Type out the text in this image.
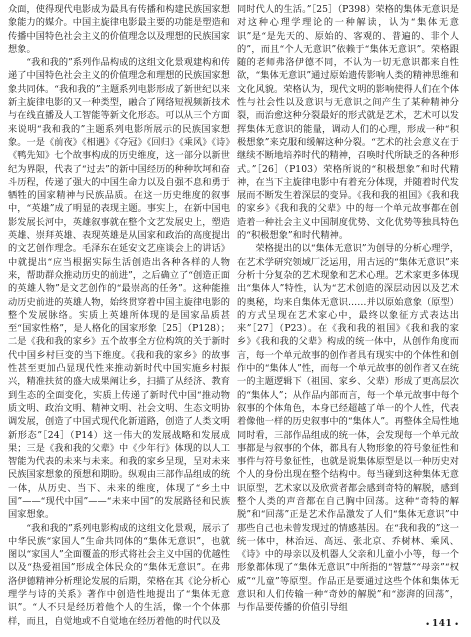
众面，使得现代电影成为最具有传播和构建民族国家想象能力的媒介。中国主旋律电影最主要的功能是塑造和传播中国特色社会主义的价值理念以及理想的民族国家想象。

“我和我的”系列作品构成的这组文化景观建构和传递了中国特色社会主义的价值理念和理想的民族国家想象共同体。“我和我的”主题系列电影形成了新世纪以来新主旋律电影的又一种类型，融合了网络短视频新技术与在线直播及人工智能等新文化形态。可以从三个方面来说明“我和我的”主题系列电影所展示的民族国家想象。一是《前夜》《相遇》《夺冠》《回归》《乘风》《诗》《鸭先知》七个故事构成的历史维度，这一部分以新世纪为界限，代表了“过去”的新中国经历的种种坎坷和奋斗历程，传递了强大的中国生命力以及自强不息和勇于牺牲的国家精神与民族品质。在这一历史维度的叙事中，“英雄”成了明显的表现主题。事实上，在新中国电影发展长河中，英雄叙事就在整个文艺发展史上，塑造英雄、崇拜英雄、表现英雄是从国家和政治的高度提出的文艺创作理念。毛泽东在延安文艺座谈会上的讲话》中就提出“应当根据实际生活创造出各种各样的人物来，帮助群众推动历史的前进”，之后确立了“创造正面的英雄人物”是文艺创作的“最崇高的任务”。这种能推动历史前进的英雄人物，始终贯穿着中国主旋律电影的整个发展脉络。实质上英雄所体现的是国家品质甚至“国家性格”，是人格化的国家形象［25］（P128）；二是《我和我的家乡》五个故事全方位构筑的关于新时代中国乡村巨变的当下维度。《我和我的家乡》的故事性甚至更加凸显现代性来推动新时代中国实施乡村振兴，精准扶贫的盛大成果阐让乡，扫描了从经济、教育到生态的全面变化，实质上传递了新时代中国“推动物质文明、政治文明、精神文明、社会文明、生态文明协调发展，创造了中国式现代化新道路，创造了人类文明新形态”［24］（P14）这一伟大的发展战略和发展成果；三是《我和我的父辈》中《少年行》体现的以人工智能为代表的未来与未来。和我的家乡呈现，呈对未来民族国家想象的预想和期盼。纵观由三部作品组成的统一体，从历史、当下、未来的维度，体现了“乡土中国”——“现代中国”——“未来中国”的发展路径和民族国家想象。

“我和我的”系列电影构成的这组文化景观，展示了中华民族“家国人”生命共同体的“集体无意识”，也就图以“家国人”全面覆盖的形式将社会主义中国的优越性以及“热爱祖国”形成全体民众的“集体无意识”。在弗洛伊德精神分析理论发展的后期，荣格在其《论分析心理学与诗的关系》著作中创造性地提出了“集体无意识”。“人不只是经历着他个人的生活，像一个个体那样，而且，自觉地或不自觉地在经历着他的时代以及

同时代人的生活。”［25］（P398）荣格的集体无意识是对这种心理学理论的一种解读，认为“集体无意识”是“是先天的、原始的、客观的、普遍的、非个人的”，而且“个人无意识”依赖于“集体无意识”。荣格跟随的老师弗洛伊德不同，不认为一切无意识都来自性欲，“集体无意识”通过原始遗传影响人类的精神思维和文化风貌。荣格认为，现代文明的影响使得人们在个体性与社会性以及意识与无意识之间产生了某种精神分裂，而治愈这种分裂最好的形式就是艺术，艺术可以发挥集体无意识的能量，调动人们的心理，形成一种“积极想象”来克服和缓解这种分裂。“艺术的社会意义在于继续不断地培养时代的精神，召唤时代所缺乏的各种形式。”［26］（P103）荣格所说的“积极想象”和时代精神，在当下主旋律电影中有着充分体现，并随着时代发展而不断发生着深层的变异。《我和我的祖国》《我和我的家乡》《我和我的父辈》中的每一个单元故事都在创造着一种社会主义中国制度优势、文化优势等独具特色的“积极想象”和时代精神。

荣格提出的以“集体无意识”为创导的分析心理学，在艺术学研究领域厂泛运用，用古远的“集体无意识”来分析十分复杂的艺术现象和艺术心理。艺术家更多体现出“集体人”特性，认为“艺术创造的深层动因以及艺术的奥秘，均来自集体无意识……并以原始意象（原型）的方式呈现在艺术家心中，最终以象征方式表达出来”［27］（P23）。在《我和我的祖国》《我和我的家乡》《我和我的父辈》构成的统一体中，从创作角度而言，每一个单元故事的创作者具有现实中的个体性和创作中的“集体人”性，而每一个单元故事的创作者又在统一的主题逻辑下（祖国、家乡、父辈）形成了更高层次的“集体人”；从作品内部而言，每一个单元故事中每个叙事的个体角色，本身已经超越了单一的个人性，代表着像他一样的历史叙事中的“集体人”。再整体全局性地同时看，三部作品组成的统一体，会发现每一个单元故事都是与叙事的个体，都具有人物形象的符号象征性和事件与符号象征性，也就是说集体原型是以一种历史对个人的身份出现在整个结构中。每当碰到这种集体无意识原型，艺术家以及欣赏者都会感到奇特的解脱，感到整个人类的声音都在自己胸中回荡。这种“奇特的解脱”和“回荡”正是艺术作品激发了人们“集体无意识”中那些自己也未曾发现过的情感基因。在“我和我的”这一统一体中，林治远、高远、张北京、乔树林、乘风、《诗》中的母亲以及机器人父亲和儿童小小等，每一个形象都体现了“集体无意识”中所指的“智慧”“母亲”“权威”“儿童”等原型。作品正是要通过这些个体和集体无意识和人们传输一种“奇妙的解脱”和“澎湃的回荡”，与作品要传播的价值引导组

• 141 •
